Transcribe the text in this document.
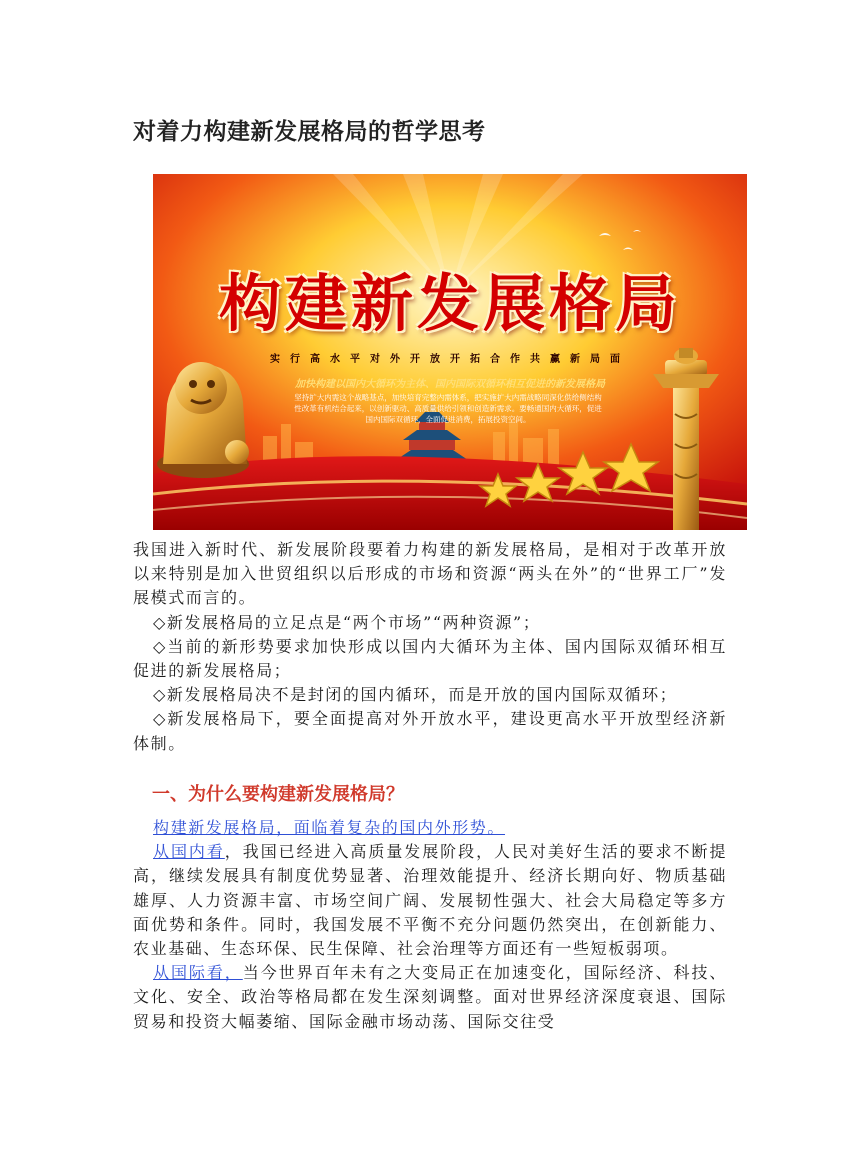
对着力构建新发展格局的哲学思考
构建新发展格局
实行高水平对外开放开拓合作共赢新局面
加快构建以国内大循环为主体、国内国际双循环相互促进的新发展格局
坚持扩大内需这个战略基点，加快培育完整内需体系，把实施扩大内需战略同深化供给侧结构性改革有机结合起来，以创新驱动、高质量供给引领和创造新需求。要畅通国内大循环，促进国内国际双循环，全面促进消费，拓展投资空间。

我国进入新时代、新发展阶段要着力构建的新发展格局，是相对于改革开放以来特别是加入世贸组织以后形成的市场和资源“两头在外”的“世界工厂”发展模式而言的。

◇新发展格局的立足点是“两个市场”“两种资源”；

◇当前的新形势要求加快形成以国内大循环为主体、国内国际双循环相互促进的新发展格局；

◇新发展格局决不是封闭的国内循环，而是开放的国内国际双循环；

◇新发展格局下，要全面提高对外开放水平，建设更高水平开放型经济新体制。

一、为什么要构建新发展格局？

构建新发展格局，面临着复杂的国内外形势。

从国内看，我国已经进入高质量发展阶段，人民对美好生活的要求不断提高，继续发展具有制度优势显著、治理效能提升、经济长期向好、物质基础雄厚、人力资源丰富、市场空间广阔、发展韧性强大、社会大局稳定等多方面优势和条件。同时，我国发展不平衡不充分问题仍然突出，在创新能力、农业基础、生态环保、民生保障、社会治理等方面还有一些短板弱项。

从国际看，当今世界百年未有之大变局正在加速变化，国际经济、科技、文化、安全、政治等格局都在发生深刻调整。面对世界经济深度衰退、国际贸易和投资大幅萎缩、国际金融市场动荡、国际交往受
